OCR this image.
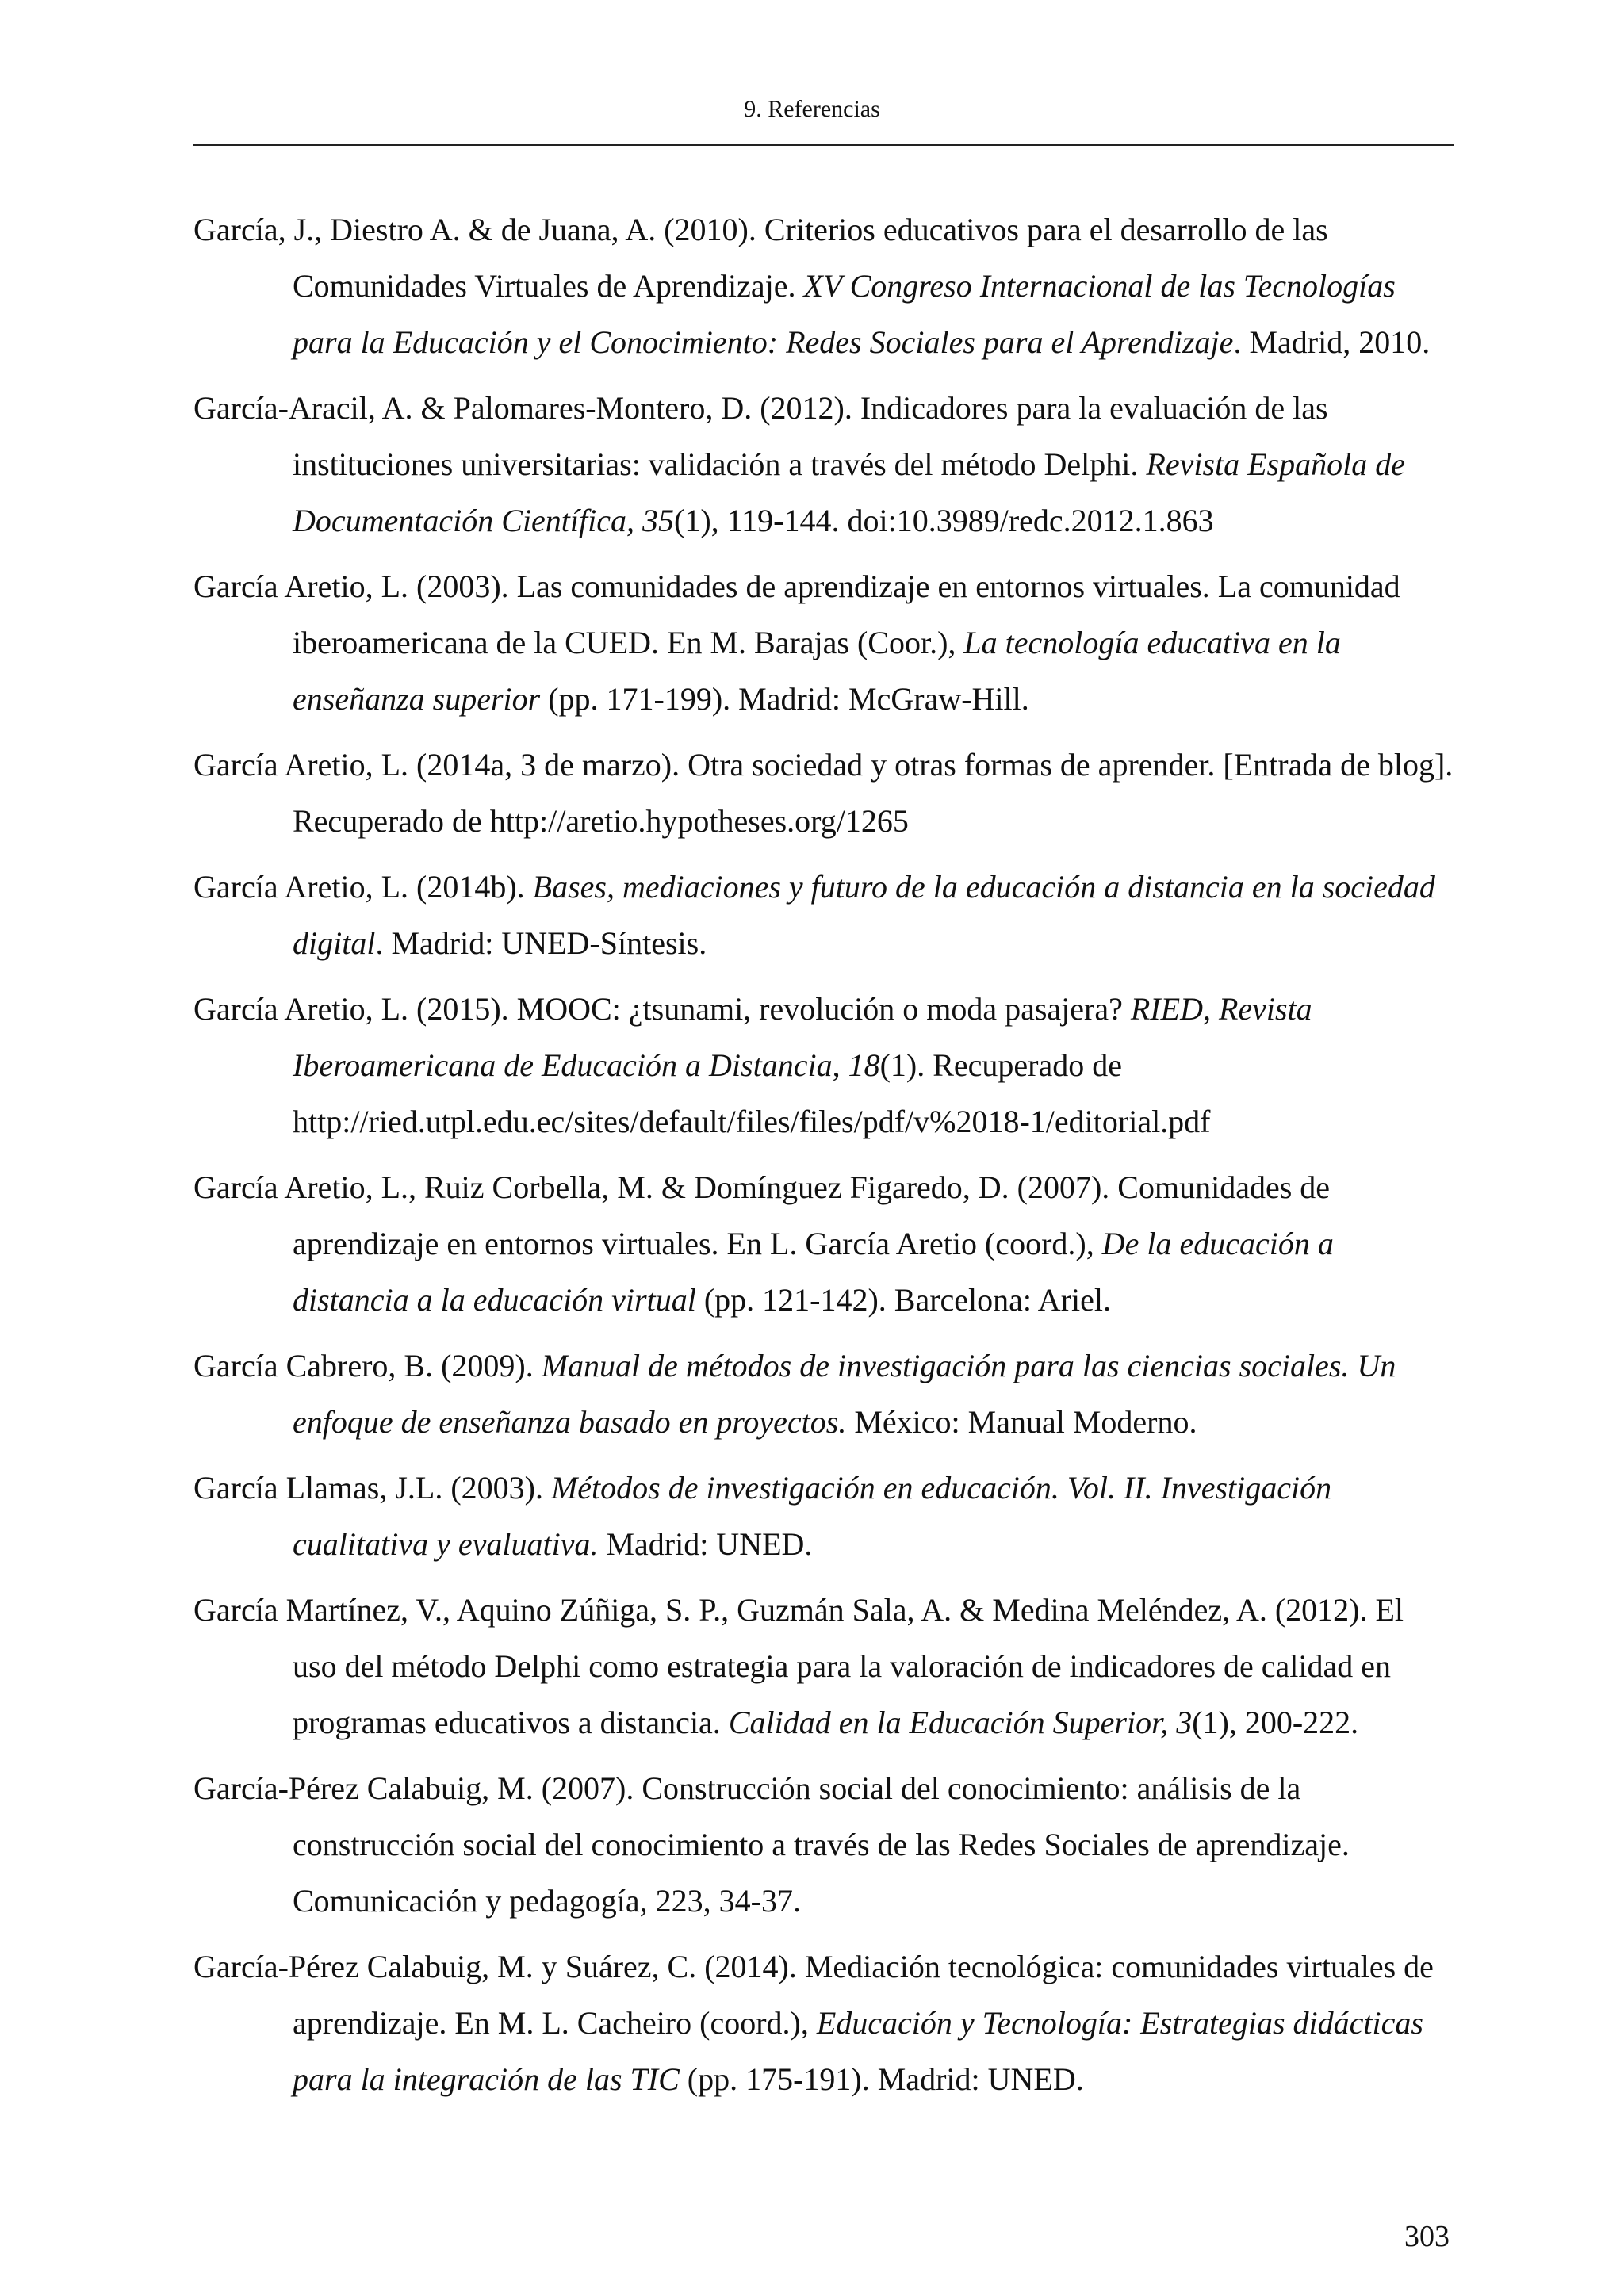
9. Referencias

García, J., Diestro A. & de Juana, A. (2010). Criterios educativos para el desarrollo de las Comunidades Virtuales de Aprendizaje. XV Congreso Internacional de las Tecnologías para la Educación y el Conocimiento: Redes Sociales para el Aprendizaje. Madrid, 2010.

García-Aracil, A. & Palomares-Montero, D. (2012). Indicadores para la evaluación de las instituciones universitarias: validación a través del método Delphi. Revista Española de Documentación Científica, 35(1), 119-144. doi:10.3989/redc.2012.1.863

García Aretio, L. (2003). Las comunidades de aprendizaje en entornos virtuales. La comunidad iberoamericana de la CUED. En M. Barajas (Coor.), La tecnología educativa en la enseñanza superior (pp. 171-199). Madrid: McGraw-Hill.

García Aretio, L. (2014a, 3 de marzo). Otra sociedad y otras formas de aprender. [Entrada de blog]. Recuperado de http://aretio.hypotheses.org/1265

García Aretio, L. (2014b). Bases, mediaciones y futuro de la educación a distancia en la sociedad digital. Madrid: UNED-Síntesis.

García Aretio, L. (2015). MOOC: ¿tsunami, revolución o moda pasajera? RIED, Revista Iberoamericana de Educación a Distancia, 18(1). Recuperado de http://ried.utpl.edu.ec/sites/default/files/files/pdf/v%2018-1/editorial.pdf

García Aretio, L., Ruiz Corbella, M. & Domínguez Figaredo, D. (2007). Comunidades de aprendizaje en entornos virtuales. En L. García Aretio (coord.), De la educación a distancia a la educación virtual (pp. 121-142). Barcelona: Ariel.

García Cabrero, B. (2009). Manual de métodos de investigación para las ciencias sociales. Un enfoque de enseñanza basado en proyectos. México: Manual Moderno.

García Llamas, J.L. (2003). Métodos de investigación en educación. Vol. II. Investigación cualitativa y evaluativa. Madrid: UNED.

García Martínez, V., Aquino Zúñiga, S. P., Guzmán Sala, A. & Medina Meléndez, A. (2012). El uso del método Delphi como estrategia para la valoración de indicadores de calidad en programas educativos a distancia. Calidad en la Educación Superior, 3(1), 200-222.

García-Pérez Calabuig, M. (2007). Construcción social del conocimiento: análisis de la construcción social del conocimiento a través de las Redes Sociales de aprendizaje. Comunicación y pedagogía, 223, 34-37.

García-Pérez Calabuig, M. y Suárez, C. (2014). Mediación tecnológica: comunidades virtuales de aprendizaje. En M. L. Cacheiro (coord.), Educación y Tecnología: Estrategias didácticas para la integración de las TIC (pp. 175-191). Madrid: UNED.

303
